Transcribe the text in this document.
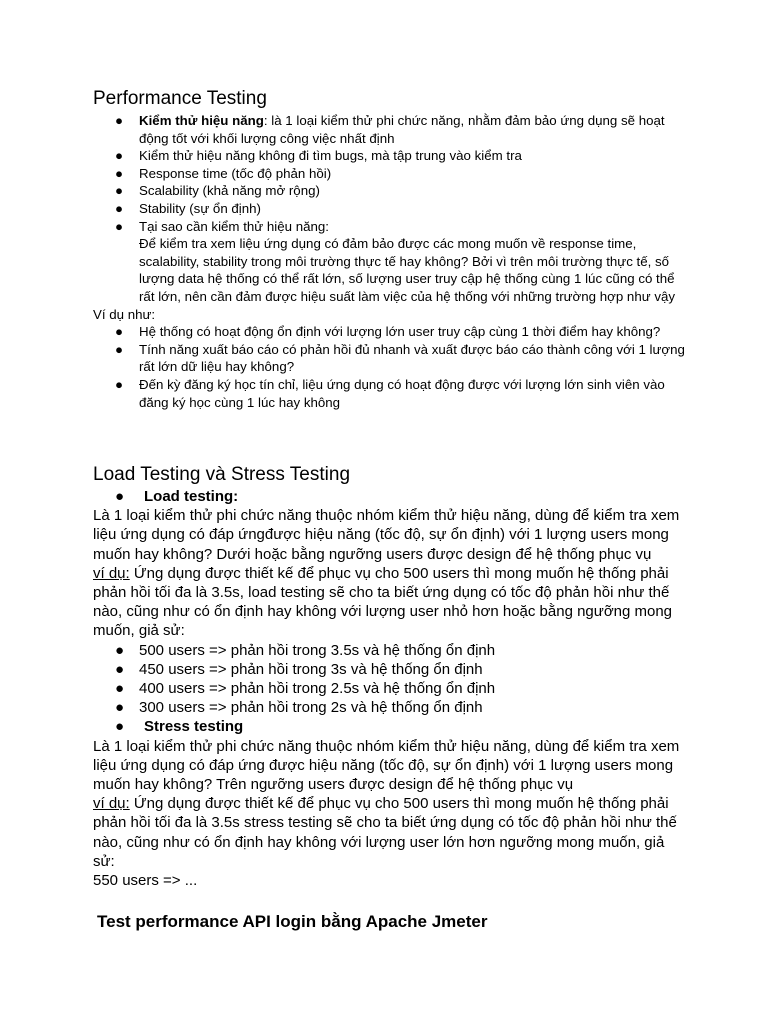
Performance Testing
● Kiểm thử hiệu năng: là 1 loại kiểm thử phi chức năng, nhằm đảm bảo ứng dụng sẽ hoạt động tốt với khối lượng công việc nhất định
● Kiểm thử hiệu năng không đi tìm bugs, mà tập trung vào kiểm tra
● Response time (tốc độ phản hồi)
● Scalability (khả năng mở rộng)
● Stability (sự ổn định)
● Tại sao cần kiểm thử hiệu năng:
Để kiểm tra xem liệu ứng dụng có đảm bảo được các mong muốn về response time, scalability, stability trong môi trường thực tế hay không? Bởi vì trên môi trường thực tế, số lượng data hệ thống có thể rất lớn, số lượng user truy cập hệ thống cùng 1 lúc cũng có thể rất lớn, nên cần đảm được hiệu suất làm việc của hệ thống với những trường hợp như vậy

Ví dụ như:

● Hệ thống có hoạt động ổn định với lượng lớn user truy cập cùng 1 thời điểm hay không?
● Tính năng xuất báo cáo có phản hồi đủ nhanh và xuất được báo cáo thành công với 1 lượng rất lớn dữ liệu hay không?
● Đến kỳ đăng ký học tín chỉ, liệu ứng dụng có hoạt động được với lượng lớn sinh viên vào đăng ký học cùng 1 lúc hay không
Load Testing và Stress Testing
● Load testing:

Là 1 loại kiểm thử phi chức năng thuộc nhóm kiểm thử hiệu năng, dùng để kiểm tra xem liệu ứng dụng có đáp ứngđược hiệu năng (tốc độ, sự ổn định) với 1 lượng users mong muốn hay không? Dưới hoặc bằng ngưỡng users được design để hệ thống phục vụ

ví dụ: Ứng dụng được thiết kế để phục vụ cho 500 users thì mong muốn hệ thống phải phản hồi tối đa là 3.5s, load testing sẽ cho ta biết ứng dụng có tốc độ phản hồi như thế nào, cũng như có ổn định hay không với lượng user nhỏ hơn hoặc bằng ngưỡng mong muốn, giả sử:

● 500 users => phản hồi trong 3.5s và hệ thống ổn định
● 450 users => phản hồi trong 3s và hệ thống ổn định
● 400 users => phản hồi trong 2.5s và hệ thống ổn định
● 300 users => phản hồi trong 2s và hệ thống ổn định
● Stress testing

Là 1 loại kiểm thử phi chức năng thuộc nhóm kiểm thử hiệu năng, dùng để kiểm tra xem liệu ứng dụng có đáp ứng được hiệu năng (tốc độ, sự ổn định) với 1 lượng users mong muốn hay không? Trên ngưỡng users được design để hệ thống phục vụ

ví dụ: Ứng dụng được thiết kế để phục vụ cho 500 users thì mong muốn hệ thống phải phản hồi tối đa là 3.5s stress testing sẽ cho ta biết ứng dụng có tốc độ phản hồi như thế nào, cũng như có ổn định hay không với lượng user lớn hơn ngưỡng mong muốn, giả sử:

550 users => ...

Test performance API login bằng Apache Jmeter
